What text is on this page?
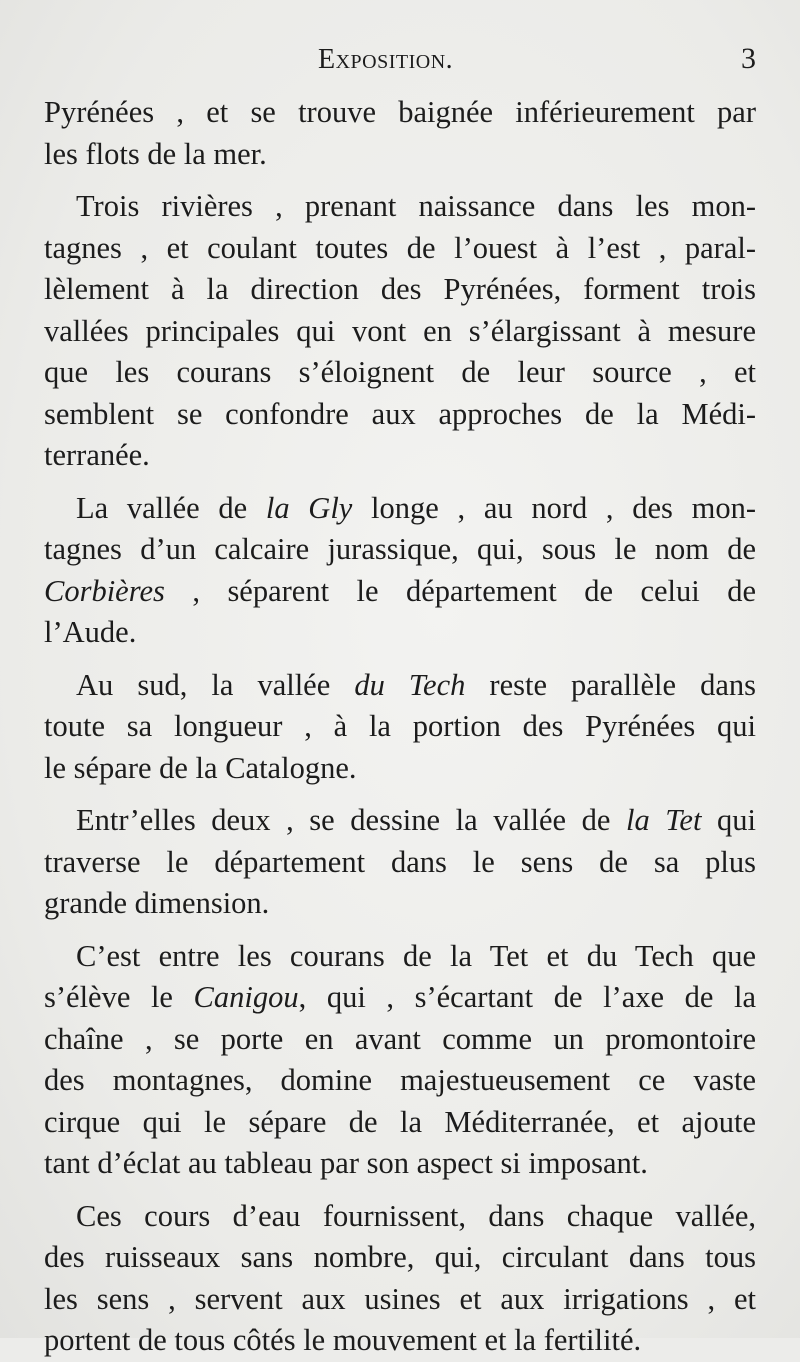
Exposition.	3
Pyrénées , et se trouve baignée inférieurement par
les flots de la mer.
Trois rivières , prenant naissance dans les mon-
tagnes , et coulant toutes de l’ouest à l’est , paral-
lèlement à la direction des Pyrénées, forment trois
vallées principales qui vont en s’élargissant à mesure
que les courans s’éloignent de leur source , et
semblent se confondre aux approches de la Médi-
terranée.
La vallée de la Gly longe , au nord , des mon-
tagnes d’un calcaire jurassique, qui, sous le nom de
Corbières , séparent le département de celui de
l’Aude.
Au sud, la vallée du Tech reste parallèle dans
toute sa longueur , à la portion des Pyrénées qui
le sépare de la Catalogne.
Entr’elles deux , se dessine la vallée de la Tet qui
traverse le département dans le sens de sa plus
grande dimension.
C’est entre les courans de la Tet et du Tech que
s’élève le Canigou, qui , s’écartant de l’axe de la
chaîne , se porte en avant comme un promontoire
des montagnes, domine majestueusement ce vaste
cirque qui le sépare de la Méditerranée, et ajoute
tant d’éclat au tableau par son aspect si imposant.
Ces cours d’eau fournissent, dans chaque vallée,
des ruisseaux sans nombre, qui, circulant dans tous
les sens , servent aux usines et aux irrigations , et
portent de tous côtés le mouvement et la fertilité.
